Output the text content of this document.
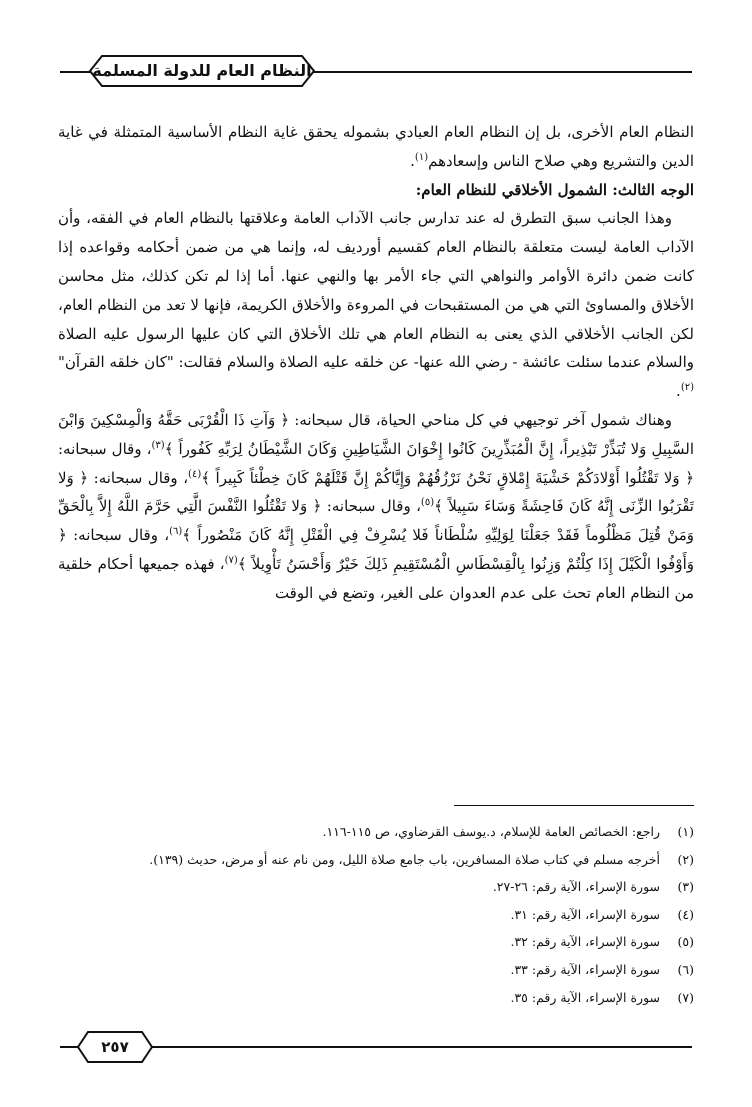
النظام العام للدولة المسلمة

النظام العام الأخرى، بل إن النظام العام العبادي بشموله يحقق غاية النظام الأساسية المتمثلة في غاية الدين والتشريع وهي صلاح الناس وإسعادهم$^{(١)}$.

الوجه الثالث: الشمول الأخلاقي للنظام العام:

وهذا الجانب سبق التطرق له عند تدارس جانب الآداب العامة وعلاقتها بالنظام العام في الفقه، وأن الآداب العامة ليست متعلقة بالنظام العام كقسيم أورديف له، وإنما هي من ضمن أحكامه وقواعده إذا كانت ضمن دائرة الأوامر والنواهي التي جاء الأمر بها والنهي عنها. أما إذا لم تكن كذلك، مثل محاسن الأخلاق والمساوئ التي هي من المستقبحات في المروءة والأخلاق الكريمة، فإنها لا تعد من النظام العام، لكن الجانب الأخلاقي الذي يعنى به النظام العام هي تلك الأخلاق التي كان عليها الرسول عليه الصلاة والسلام عندما سئلت عائشة - رضي الله عنها- عن خلقه عليه الصلاة والسلام فقالت: "كان خلقه القرآن"$^{(٢)}$.

وهناك شمول آخر توجيهي في كل مناحي الحياة، قال سبحانه: ﴿ وَآتِ ذَا الْقُرْبَى حَقَّهُ وَالْمِسْكِينَ وَابْنَ السَّبِيلِ وَلا تُبَذِّرْ تَبْذِيراً، إِنَّ الْمُبَذِّرِينَ كَانُوا إِخْوَانَ الشَّيَاطِينِ وَكَانَ الشَّيْطَانُ لِرَبِّهِ كَفُوراً ﴾$^{(٣)}$، وقال سبحانه: ﴿ وَلا تَقْتُلُوا أَوْلادَكُمْ خَشْيَةَ إِمْلاقٍ نَحْنُ نَرْزُقُهُمْ وَإِيَّاكُمْ إِنَّ قَتْلَهُمْ كَانَ خِطْئاً كَبِيراً ﴾$^{(٤)}$، وقال سبحانه: ﴿ وَلا تَقْرَبُوا الزِّنَى إِنَّهُ كَانَ فَاحِشَةً وَسَاءَ سَبِيلاً ﴾$^{(٥)}$، وقال سبحانه: ﴿ وَلا تَقْتُلُوا النَّفْسَ الَّتِي حَرَّمَ اللَّهُ إِلاَّ بِالْحَقِّ وَمَنْ قُتِلَ مَظْلُوماً فَقَدْ جَعَلْنَا لِوَلِيِّهِ سُلْطَاناً فَلا يُسْرِفْ فِي الْقَتْلِ إِنَّهُ كَانَ مَنْصُوراً ﴾$^{(٦)}$، وقال سبحانه: ﴿ وَأَوْفُوا الْكَيْلَ إِذَا كِلْتُمْ وَزِنُوا بِالْقِسْطَاسِ الْمُسْتَقِيمِ ذَلِكَ خَيْرٌ وَأَحْسَنُ تَأْوِيلاً ﴾$^{(٧)}$، فهذه جميعها أحكام خلقية من النظام العام تحث على عدم العدوان على الغير، وتضع في الوقت

(١)
راجع: الخصائص العامة للإسلام، د.يوسف القرضاوي، ص ١١٥-١١٦.
(٢)
أخرجه مسلم في كتاب صلاة المسافرين، باب جامع صلاة الليل، ومن نام عنه أو مرض، حديث (١٣٩).
(٣)
سورة الإسراء، الآية رقم: ٢٦-٢٧.
(٤)
سورة الإسراء، الآية رقم: ٣١.
(٥)
سورة الإسراء، الآية رقم: ٣٢.
(٦)
سورة الإسراء، الآية رقم: ٣٣.
(٧)
سورة الإسراء، الآية رقم: ٣٥.
٢٥٧
